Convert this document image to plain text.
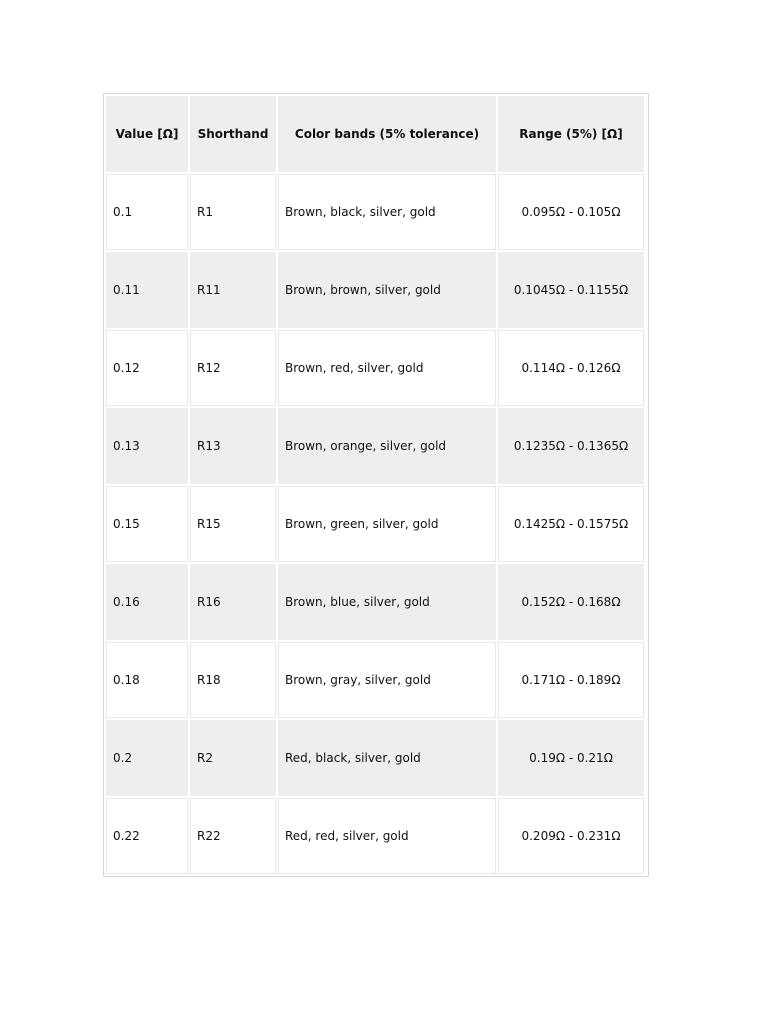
Value [Ω]	Shorthand	Color bands (5% tolerance)	Range (5%) [Ω]
0.1	R1	Brown, black, silver, gold	0.095Ω - 0.105Ω
0.11	R11	Brown, brown, silver, gold	0.1045Ω - 0.1155Ω
0.12	R12	Brown, red, silver, gold	0.114Ω - 0.126Ω
0.13	R13	Brown, orange, silver, gold	0.1235Ω - 0.1365Ω
0.15	R15	Brown, green, silver, gold	0.1425Ω - 0.1575Ω
0.16	R16	Brown, blue, silver, gold	0.152Ω - 0.168Ω
0.18	R18	Brown, gray, silver, gold	0.171Ω - 0.189Ω
0.2	R2	Red, black, silver, gold	0.19Ω - 0.21Ω
0.22	R22	Red, red, silver, gold	0.209Ω - 0.231Ω
